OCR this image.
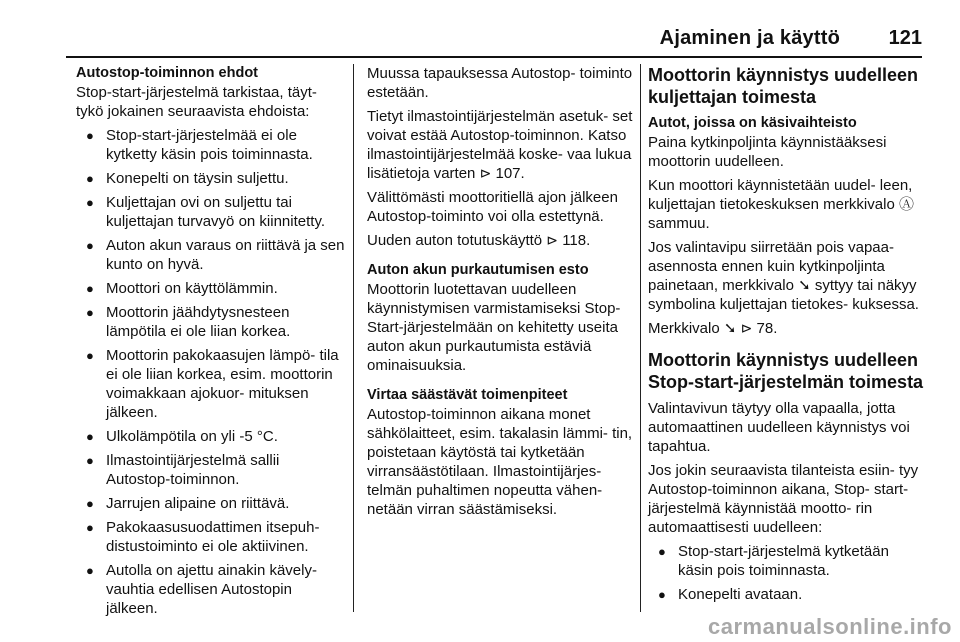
Ajaminen ja käyttö 121
Autostop-toiminnon ehdot
Stop-start-järjestelmä tarkistaa, täyt- tykö jokainen seuraavista ehdoista:
● Stop-start-järjestelmää ei ole kytketty käsin pois toiminnasta.
● Konepelti on täysin suljettu.
● Kuljettajan ovi on suljettu tai kuljettajan turvavyö on kiinnitetty.
● Auton akun varaus on riittävä ja sen kunto on hyvä.
● Moottori on käyttölämmin.
● Moottorin jäähdytysnesteen lämpötila ei ole liian korkea.
● Moottorin pakokaasujen lämpö- tila ei ole liian korkea, esim. moottorin voimakkaan ajokuor- mituksen jälkeen.
● Ulkolämpötila on yli -5 °C.
● Ilmastointijärjestelmä sallii Autostop-toiminnon.
● Jarrujen alipaine on riittävä.
● Pakokaasusuodattimen itsepuh- distustoiminto ei ole aktiivinen.
● Autolla on ajettu ainakin kävely- vauhtia edellisen Autostopin jälkeen.

Muussa tapauksessa Autostop- toiminto estetään.

Tietyt ilmastointijärjestelmän asetuk- set voivat estää Autostop-toiminnon. Katso ilmastointijärjestelmää koske- vaa lukua lisätietoja varten ⊳ 107.

Välittömästi moottoritiellä ajon jälkeen Autostop-toiminto voi olla estettynä.

Uuden auton totutuskäyttö ⊳ 118.

Auton akun purkautumisen esto

Moottorin luotettavan uudelleen käynnistymisen varmistamiseksi Stop-Start-järjestelmään on kehitetty useita auton akun purkautumista estäviä ominaisuuksia.

Virtaa säästävät toimenpiteet

Autostop-toiminnon aikana monet sähkölaitteet, esim. takalasin lämmi- tin, poistetaan käytöstä tai kytketään virransäästötilaan. Ilmastointijärjes- telmän puhaltimen nopeutta vähen- netään virran säästämiseksi.

Moottorin käynnistys uudelleen kuljettajan toimesta
Autot, joissa on käsivaihteisto

Paina kytkinpoljinta käynnistääksesi moottorin uudelleen.

Kun moottori käynnistetään uudel- leen, kuljettajan tietokeskuksen merkkivalo Ⓐ sammuu.

Jos valintavipu siirretään pois vapaa- asennosta ennen kuin kytkinpoljinta painetaan, merkkivalo ➘ syttyy tai näkyy symbolina kuljettajan tietokes- kuksessa.

Merkkivalo ➘ ⊳ 78.

Moottorin käynnistys uudelleen Stop-start-järjestelmän toimesta

Valintavivun täytyy olla vapaalla, jotta automaattinen uudelleen käynnistys voi tapahtua.

Jos jokin seuraavista tilanteista esiin- tyy Autostop-toiminnon aikana, Stop- start-järjestelmä käynnistää mootto- rin automaattisesti uudelleen:

● Stop-start-järjestelmä kytketään käsin pois toiminnasta.
● Konepelti avataan.
carmanualsonline.info
